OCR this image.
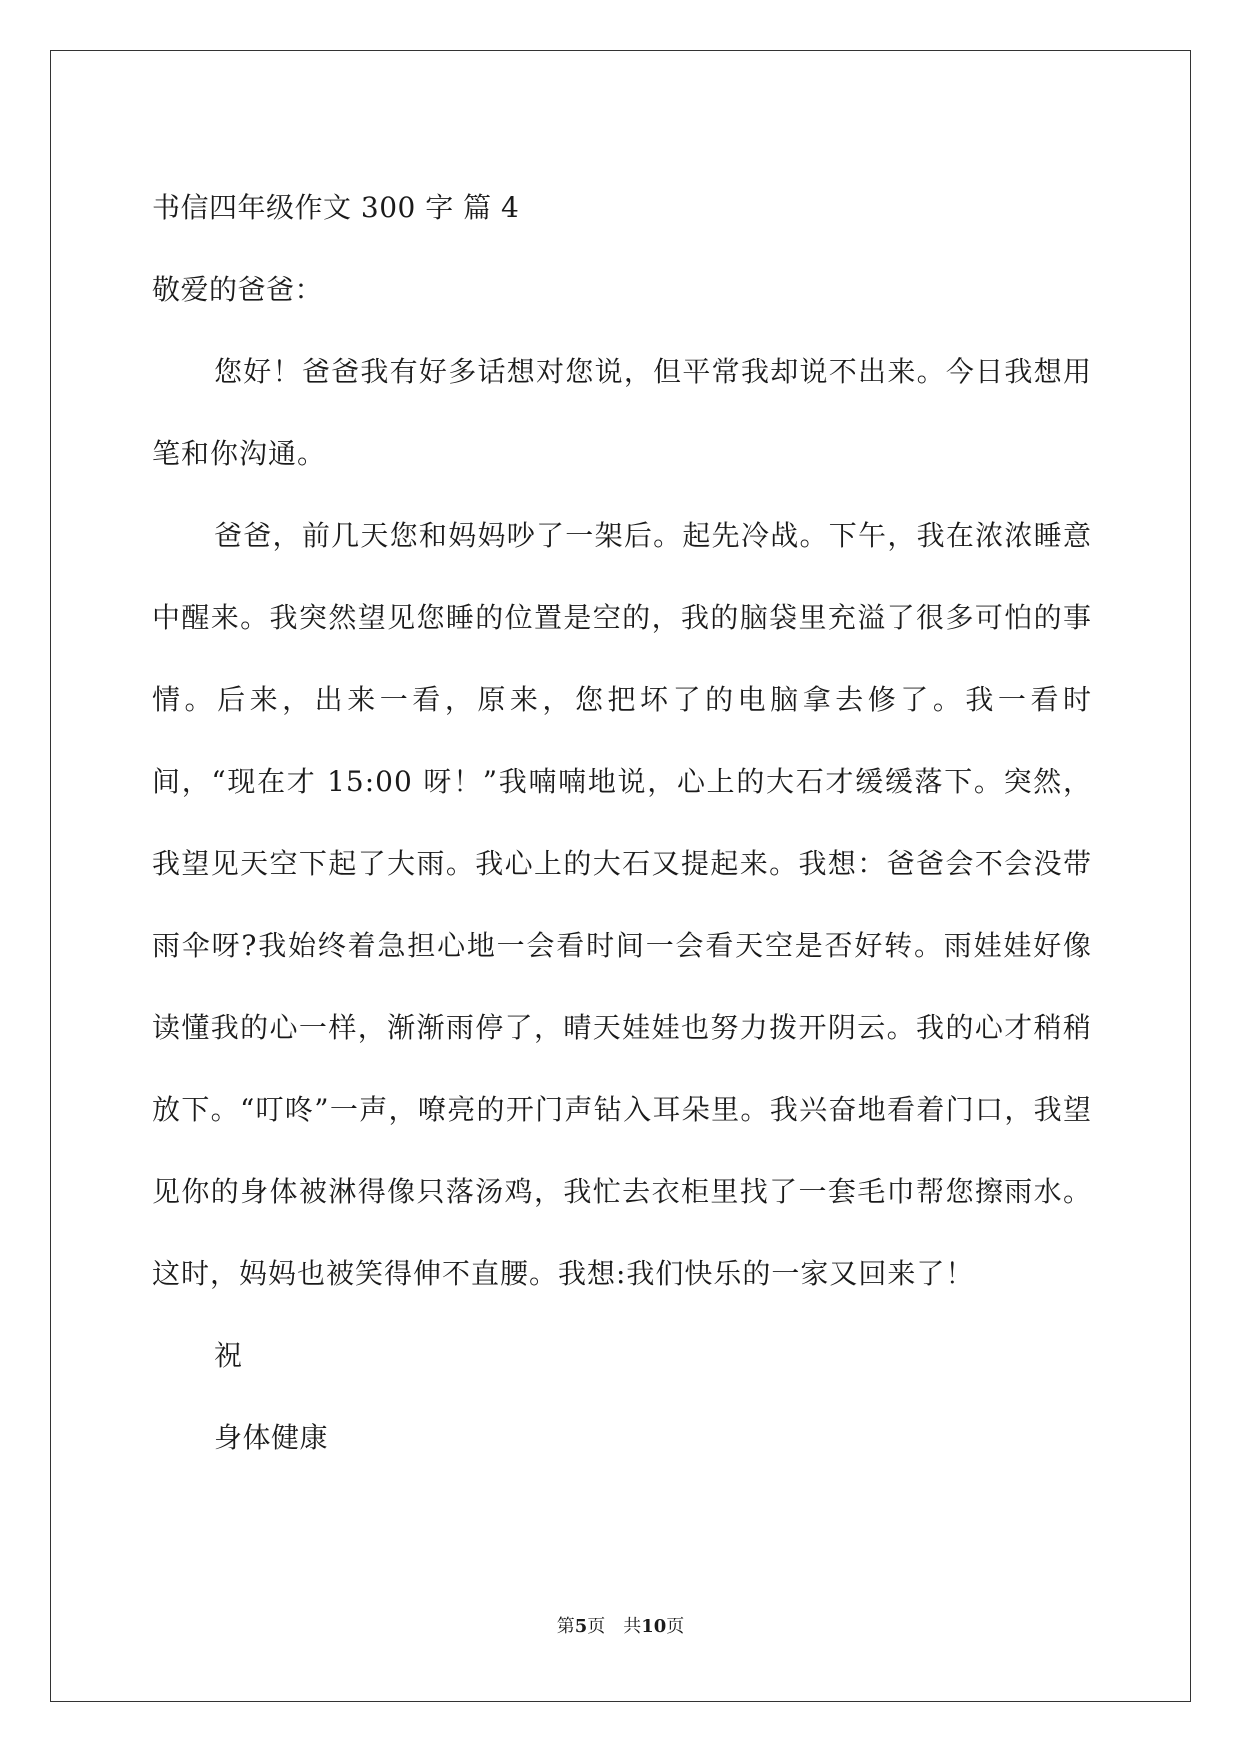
书信四年级作文 300 字 篇 4
敬爱的爸爸：

您好！爸爸我有好多话想对您说，但平常我却说不出来。今日我想用笔和你沟通。

爸爸，前几天您和妈妈吵了一架后。起先冷战。下午，我在浓浓睡意中醒来。我突然望见您睡的位置是空的，我的脑袋里充溢了很多可怕的事情。后来，出来一看，原来，您把坏了的电脑拿去修了。我一看时间，“现在才 15:00 呀！”我喃喃地说，心上的大石才缓缓落下。突然，我望见天空下起了大雨。我心上的大石又提起来。我想：爸爸会不会没带雨伞呀?我始终着急担心地一会看时间一会看天空是否好转。雨娃娃好像读懂我的心一样，渐渐雨停了，晴天娃娃也努力拨开阴云。我的心才稍稍放下。“叮咚”一声，嘹亮的开门声钻入耳朵里。我兴奋地看着门口，我望见你的身体被淋得像只落汤鸡，我忙去衣柜里找了一套毛巾帮您擦雨水。这时，妈妈也被笑得伸不直腰。我想:我们快乐的一家又回来了！

祝
身体健康
第5页 共10页
